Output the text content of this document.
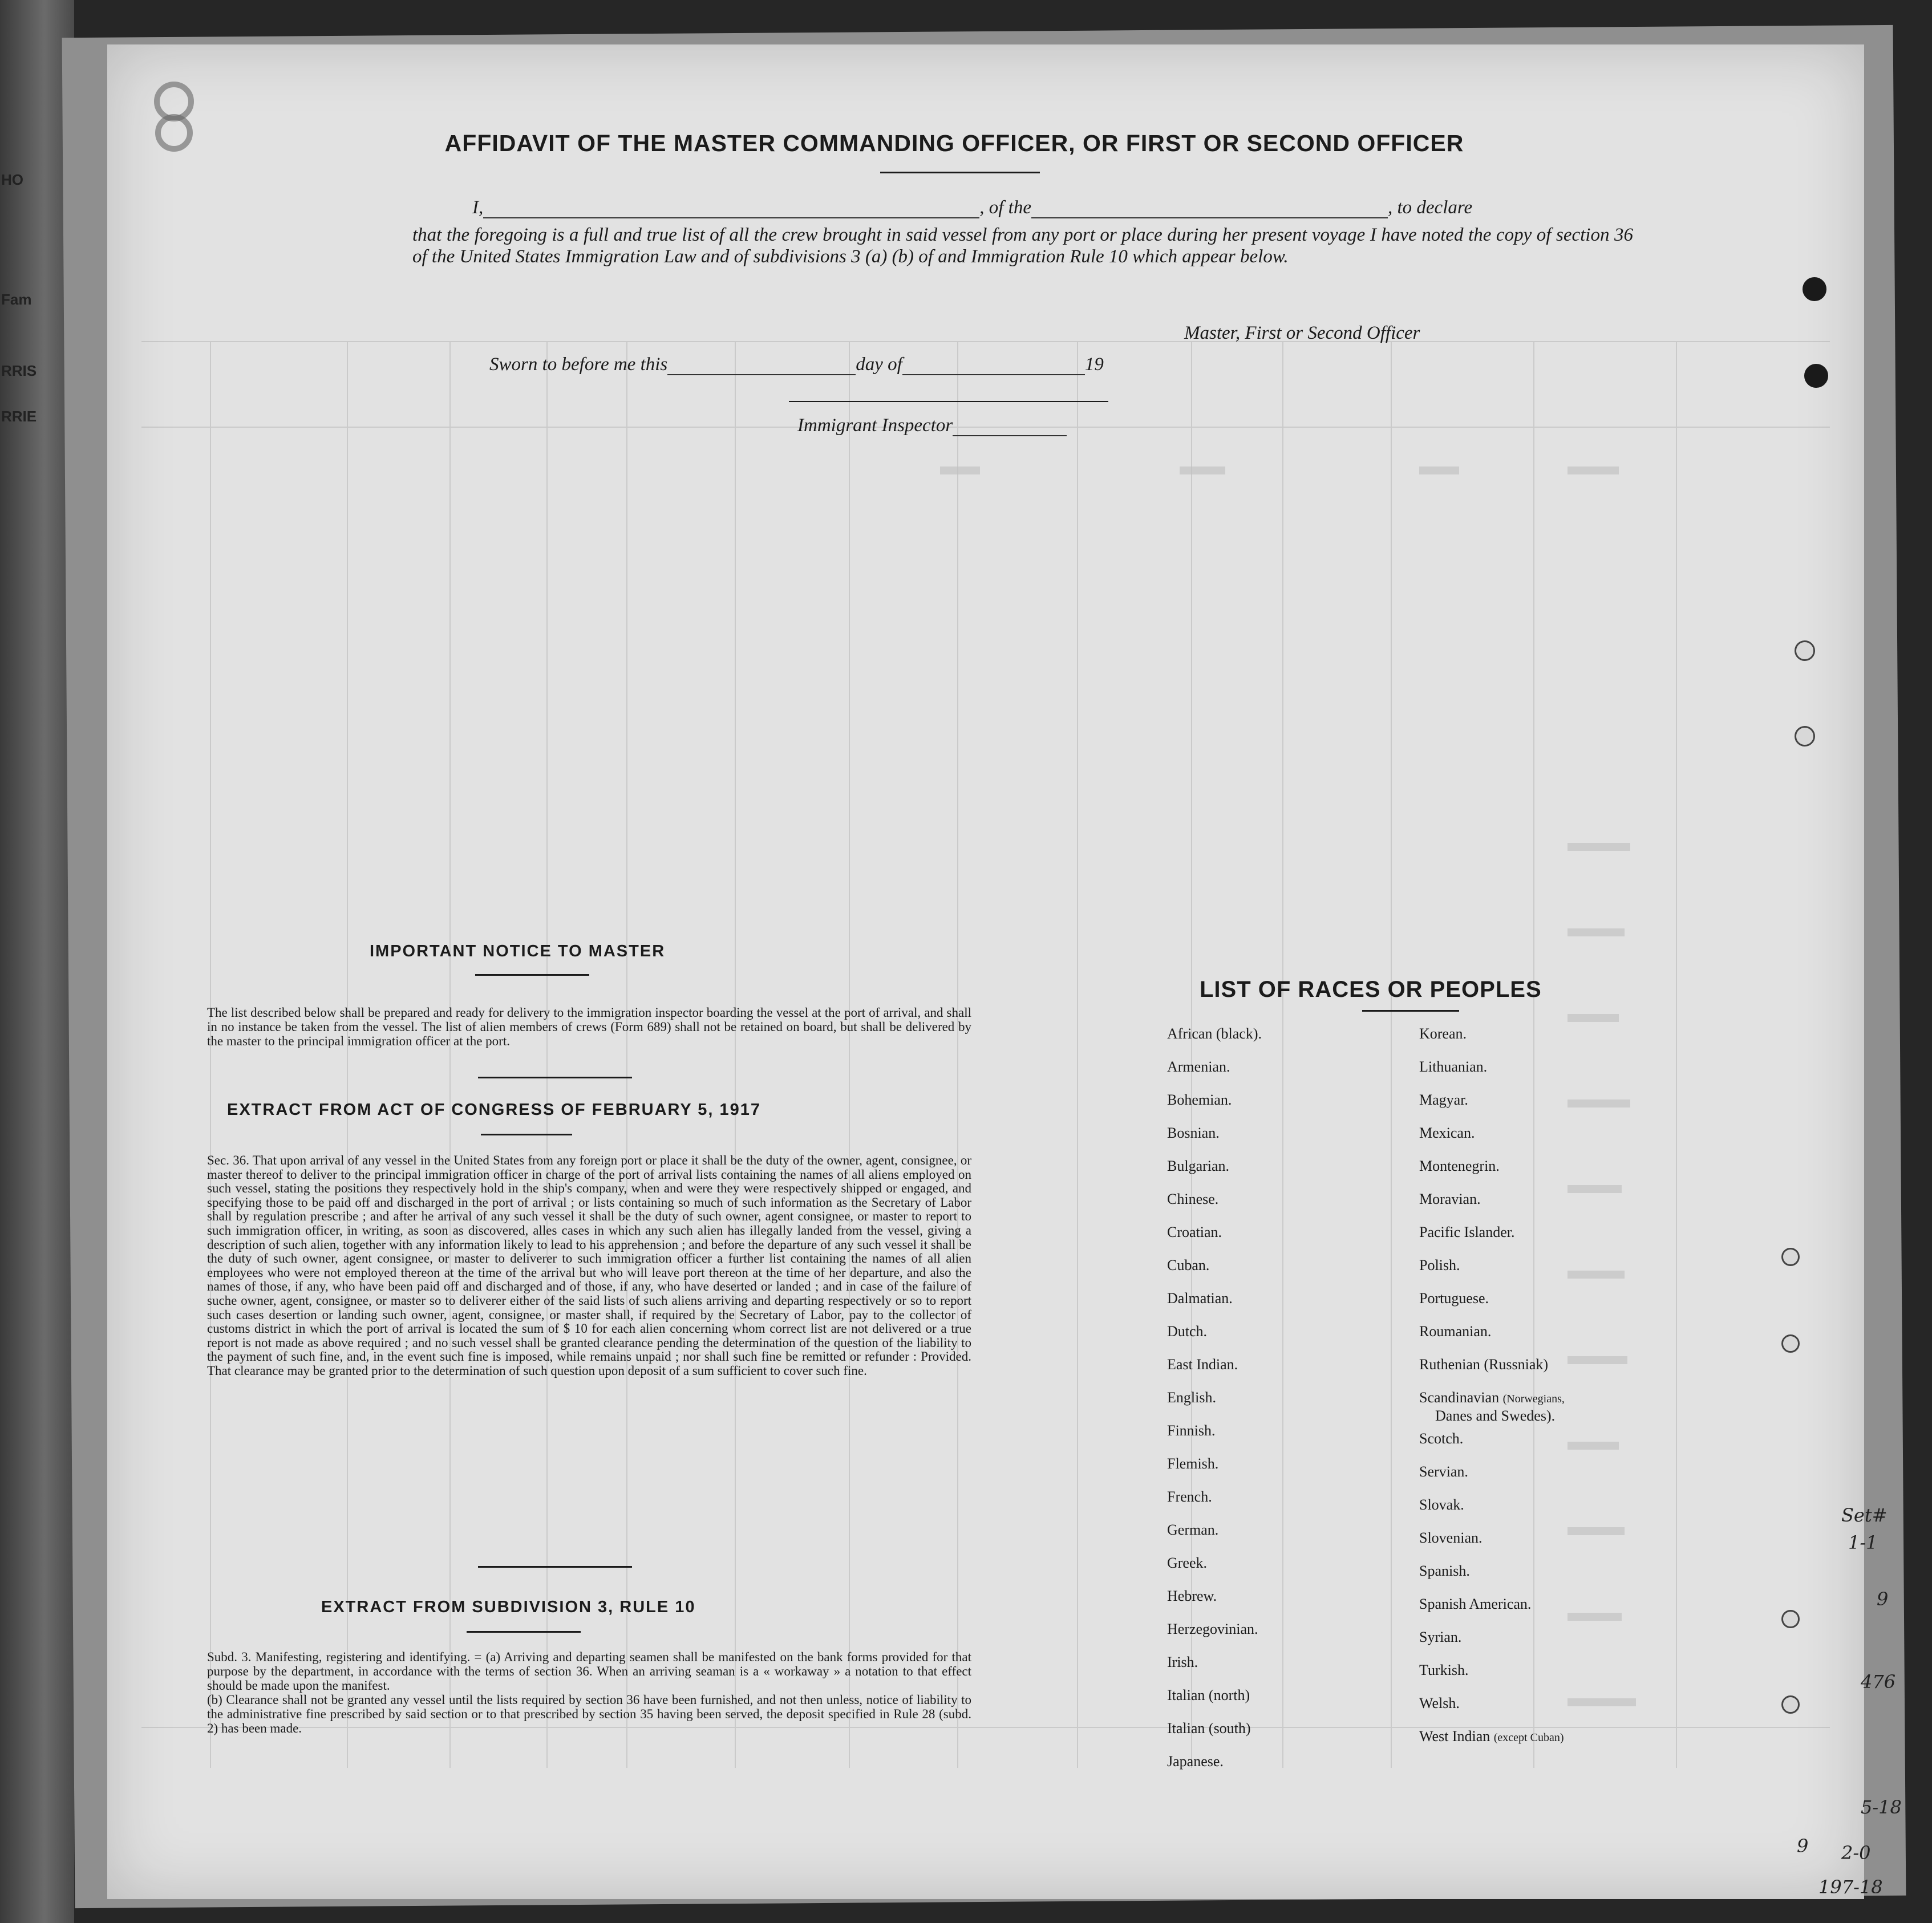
HO
Fam
RRIS
RRIE
AFFIDAVIT OF THE MASTER COMMANDING OFFICER, OR FIRST OR SECOND OFFICER
I,	, of the	, to declare
that the foregoing is a full and true list of all the crew brought in said vessel from any port or place during her present voyage I have noted the copy of section 36 of the United States Immigration Law and of subdivisions 3 (a) (b) of and Immigration Rule 10 which appear below.
Master, First or Second Officer
Sworn to before me this	day of	19
Immigrant Inspector
IMPORTANT NOTICE TO MASTER
The list described below shall be prepared and ready for delivery to the immigration inspector boarding the vessel at the port of arrival, and shall in no instance be taken from the vessel. The list of alien members of crews (Form 689) shall not be retained on board, but shall be delivered by the master to the principal immigration officer at the port.
EXTRACT FROM ACT OF CONGRESS OF FEBRUARY 5, 1917
Sec. 36. That upon arrival of any vessel in the United States from any foreign port or place it shall be the duty of the owner, agent, consignee, or master thereof to deliver to the principal immigration officer in charge of the port of arrival lists containing the names of all aliens employed on such vessel, stating the positions they respectively hold in the ship's company, when and were they were respectively shipped or engaged, and specifying those to be paid off and discharged in the port of arrival ; or lists containing so much of such information as the Secretary of Labor shall by regulation prescribe ; and after he arrival of any such vessel it shall be the duty of such owner, agent consignee, or master to report to such immigration officer, in writing, as soon as discovered, alles cases in which any such alien has illegally landed from the vessel, giving a description of such alien, together with any information likely to lead to his apprehension ; and before the departure of any such vessel it shall be the duty of such owner, agent consignee, or master to deliverer to such immigration officer a further list containing the names of all alien employees who were not employed thereon at the time of the arrival but who will leave port thereon at the time of her departure, and also the names of those, if any, who have been paid off and discharged and of those, if any, who have deserted or landed ; and in case of the failure of suche owner, agent, consignee, or master so to deliverer either of the said lists of such aliens arriving and departing respectively or so to report such cases desertion or landing such owner, agent, consignee, or master shall, if required by the Secretary of Labor, pay to the collector of customs district in which the port of arrival is located the sum of $ 10 for each alien concerning whom correct list are not delivered or a true report is not made as above required ; and no such vessel shall be granted clearance pending the determination of the question of the liability to the payment of such fine, and, in the event such fine is imposed, while remains unpaid ; nor shall such fine be remitted or refunder : Provided. That clearance may be granted prior to the determination of such question upon deposit of a sum sufficient to cover such fine.
EXTRACT FROM SUBDIVISION 3, RULE 10
Subd. 3. Manifesting, registering and identifying. = (a) Arriving and departing seamen shall be manifested on the bank forms provided for that purpose by the department, in accordance with the terms of section 36. When an arriving seaman is a « workaway » a notation to that effect should be made upon the manifest.
(b) Clearance shall not be granted any vessel until the lists required by section 36 have been furnished, and not then unless, notice of liability to the administrative fine prescribed by said section or to that prescribed by section 35 having been served, the deposit specified in Rule 28 (subd. 2) has been made.
LIST OF RACES OR PEOPLES
African (black).
Armenian.
Bohemian.
Bosnian.
Bulgarian.
Chinese.
Croatian.
Cuban.
Dalmatian.
Dutch.
East Indian.
English.
Finnish.
Flemish.
French.
German.
Greek.
Hebrew.
Herzegovinian.
Irish.
Italian (north)
Italian (south)
Japanese.
Korean.
Lithuanian.
Magyar.
Mexican.
Montenegrin.
Moravian.
Pacific Islander.
Polish.
Portuguese.
Roumanian.
Ruthenian (Russniak)
Scandinavian (Norwegians,
Danes and Swedes).
Scotch.
Servian.
Slovak.
Slovenian.
Spanish.
Spanish American.
Syrian.
Turkish.
Welsh.
West Indian (except Cuban)
Set#
1-1
9
476
5-18
9 2-0
197-18
